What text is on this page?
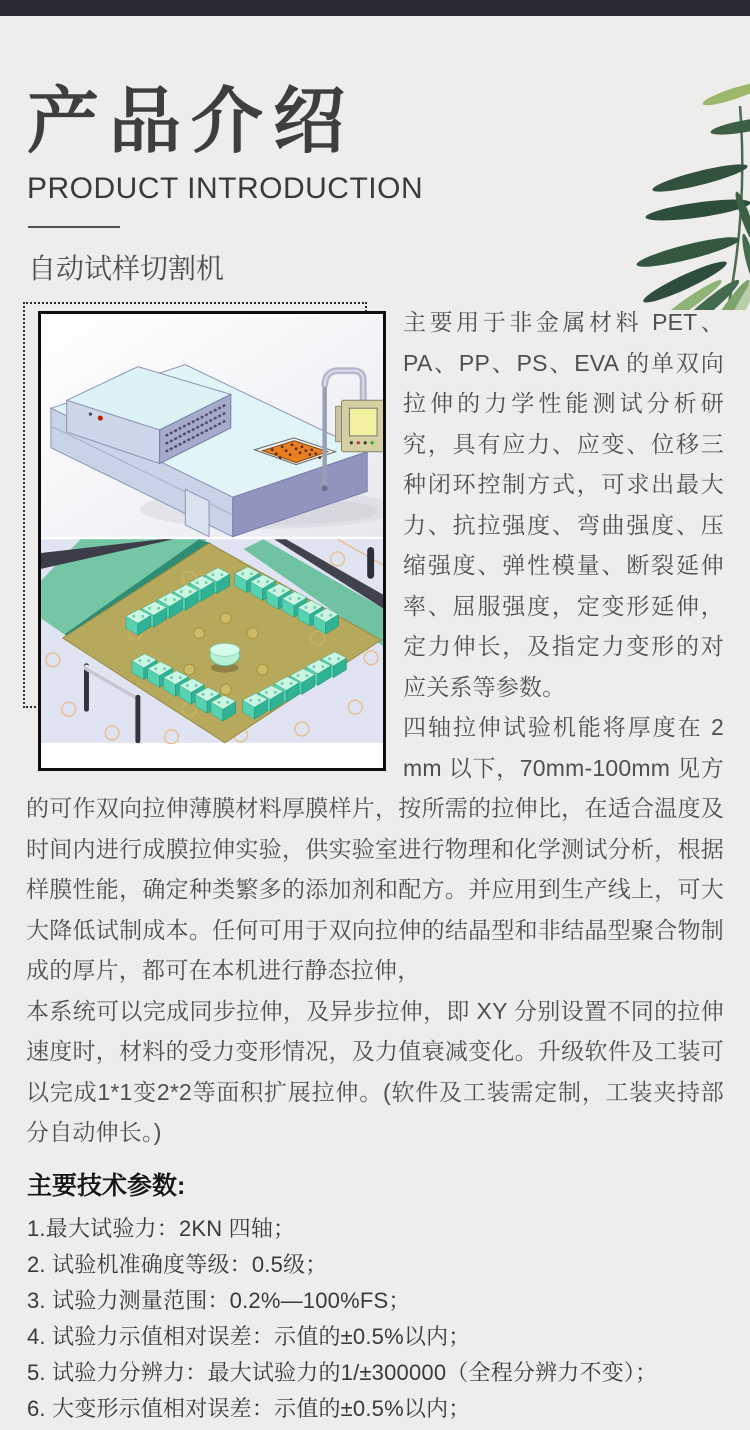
产品介绍
PRODUCT INTRODUCTION
自动试样切割机

主要用于非金属材料 PET、PA、PP、PS、EVA 的单双向拉伸的力学性能测试分析研究，具有应力、应变、位移三种闭环控制方式，可求出最大力、抗拉强度、弯曲强度、压缩强度、弹性模量、断裂延伸率、屈服强度，定变形延伸，定力伸长，及指定力变形的对应关系等参数。

四轴拉伸试验机能将厚度在 2 mm 以下，70mm-100mm 见方的可作双向拉伸薄膜材料厚膜样片，按所需的拉伸比，在适合温度及时间内进行成膜拉伸实验，供实验室进行物理和化学测试分析，根据样膜性能，确定种类繁多的添加剂和配方。并应用到生产线上，可大大降低试制成本。任何可用于双向拉伸的结晶型和非结晶型聚合物制成的厚片，都可在本机进行静态拉伸，

本系统可以完成同步拉伸，及异步拉伸，即 XY 分别设置不同的拉伸速度时，材料的受力变形情况，及力值衰减变化。升级软件及工装可以完成1*1变2*2等面积扩展拉伸。(软件及工装需定制，工装夹持部分自动伸长。)

主要技术参数:
1.最大试验力：2KN 四轴；
2. 试验机准确度等级：0.5级；
3. 试验力测量范围：0.2%—100%FS；
4. 试验力示值相对误差：示值的±0.5%以内；
5. 试验力分辨力：最大试验力的1/±300000（全程分辨力不变）；
6. 大变形示值相对误差：示值的±0.5%以内；
